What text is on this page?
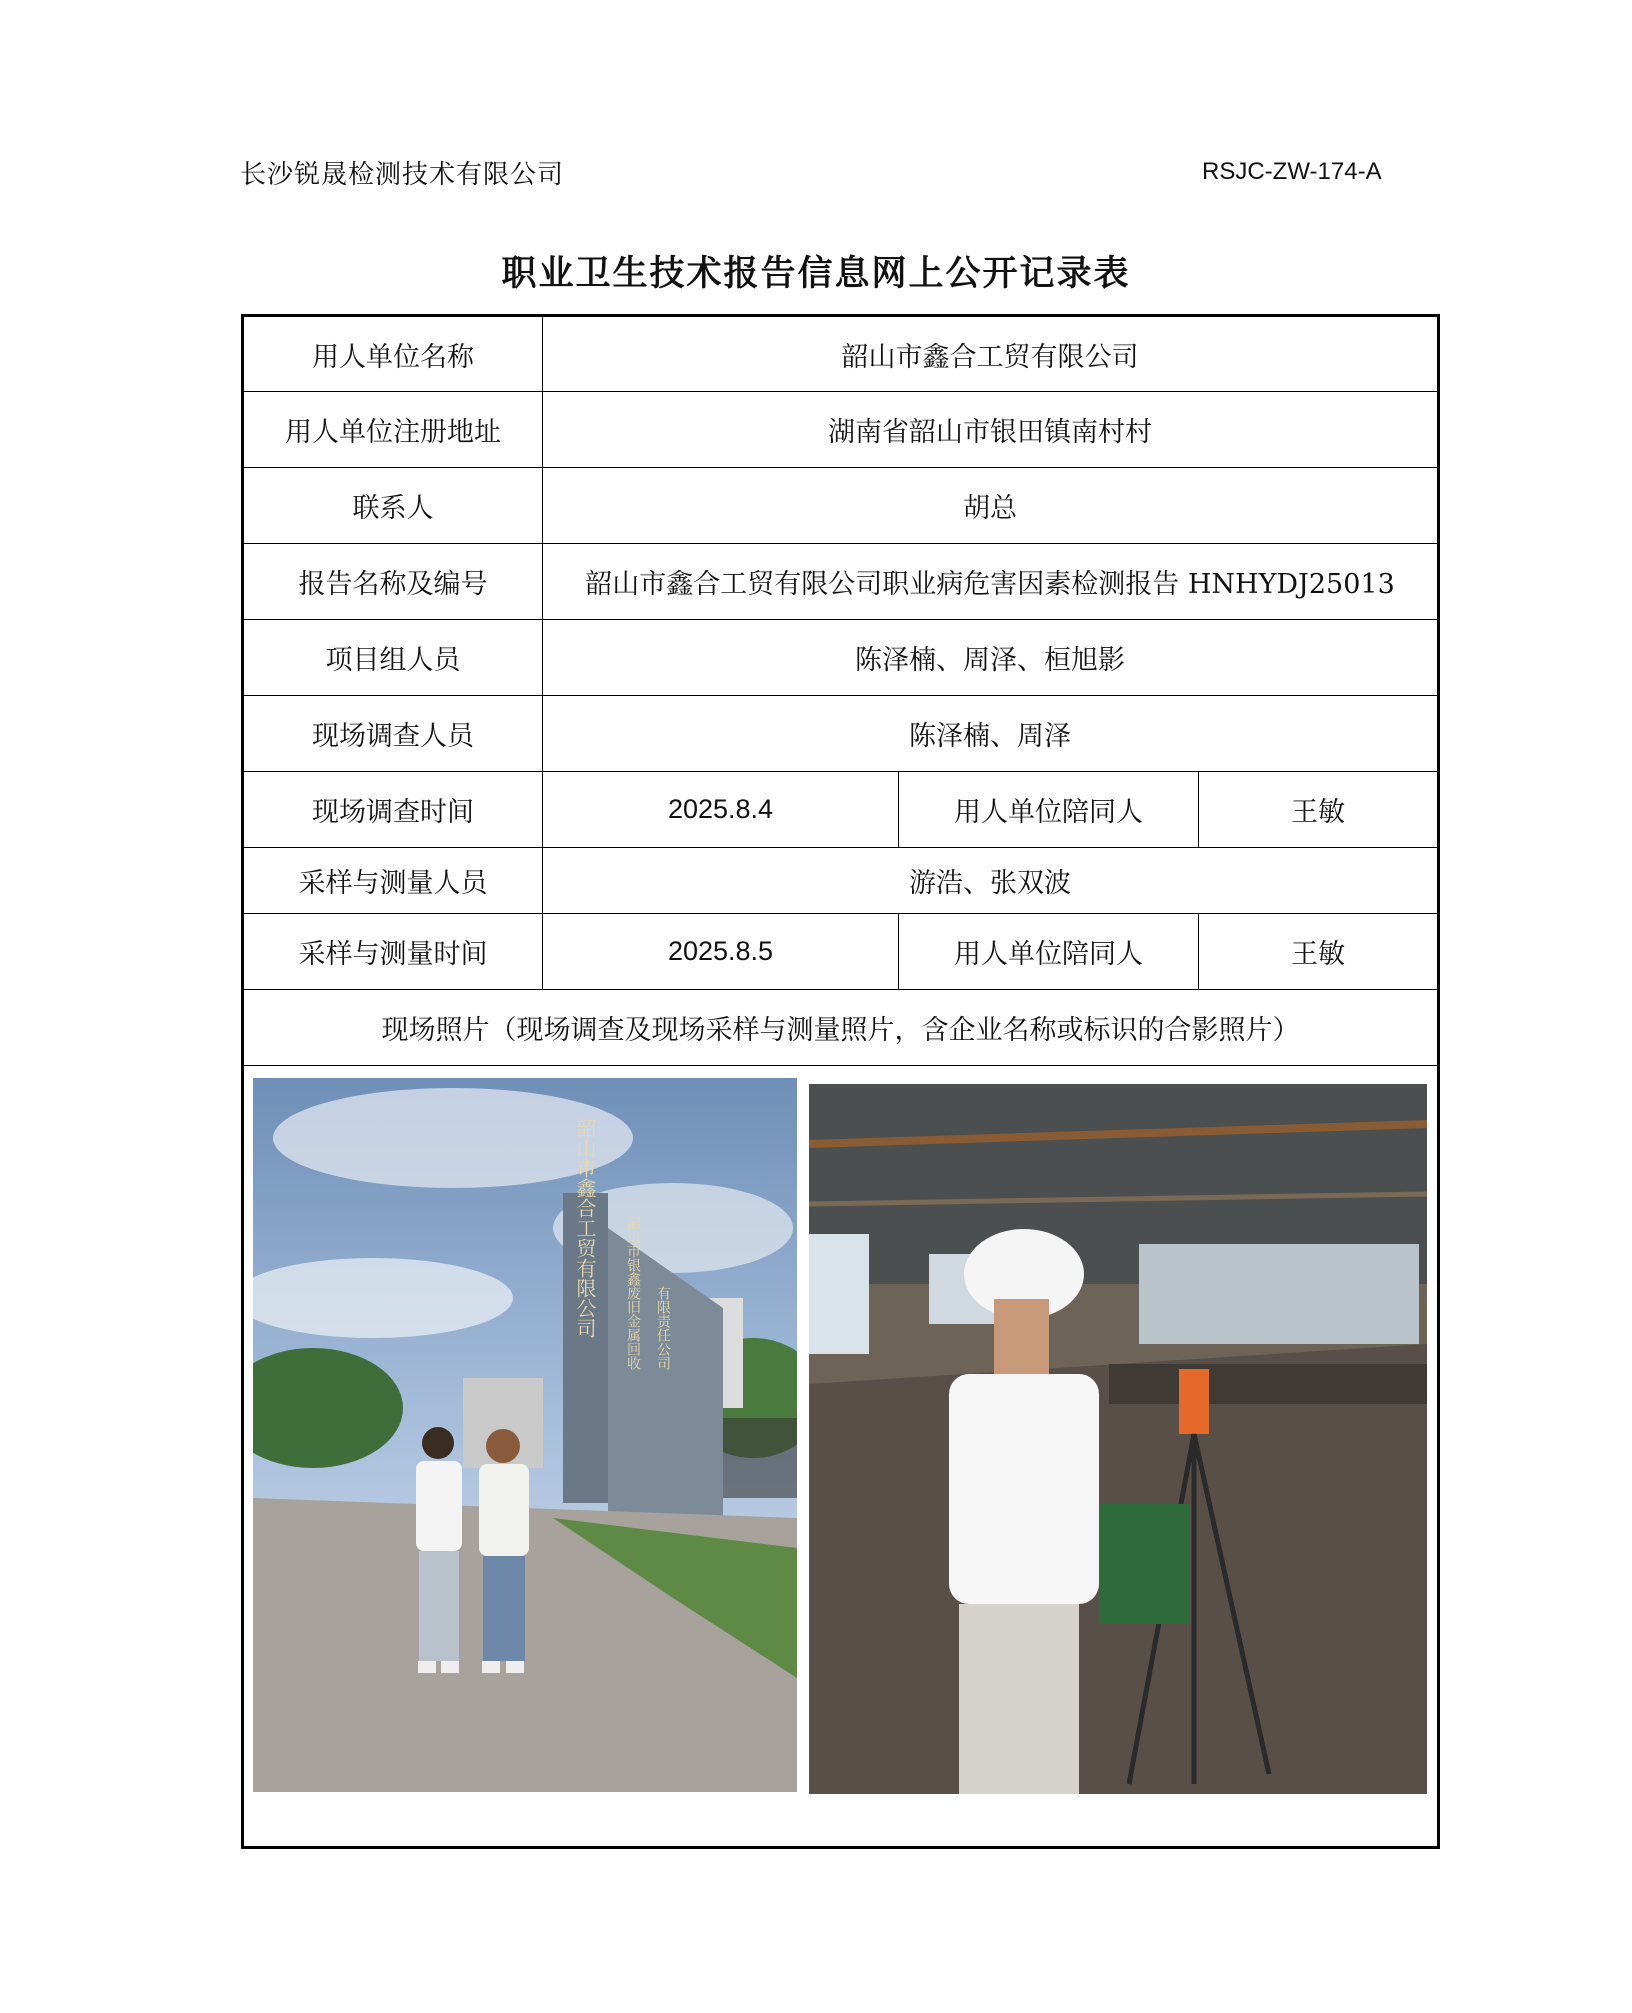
长沙锐晟检测技术有限公司	RSJC-ZW-174-A
职业卫生技术报告信息网上公开记录表
用人单位名称	韶山市鑫合工贸有限公司		
用人单位注册地址	湖南省韶山市银田镇南村村		
联系人	胡总		
报告名称及编号	韶山市鑫合工贸有限公司职业病危害因素检测报告 HNHYDJ25013		
项目组人员	陈泽楠、周泽、桓旭影		
现场调查人员	陈泽楠、周泽		
现场调查时间	2025.8.4	用人单位陪同人	王敏
采样与测量人员	游浩、张双波		
采样与测量时间	2025.8.5	用人单位陪同人	王敏
现场照片（现场调查及现场采样与测量照片，含企业名称或标识的合影照片）			

韶山市鑫合工贸有限公司 韶山市银鑫废旧金属回收 有限责任公司			
